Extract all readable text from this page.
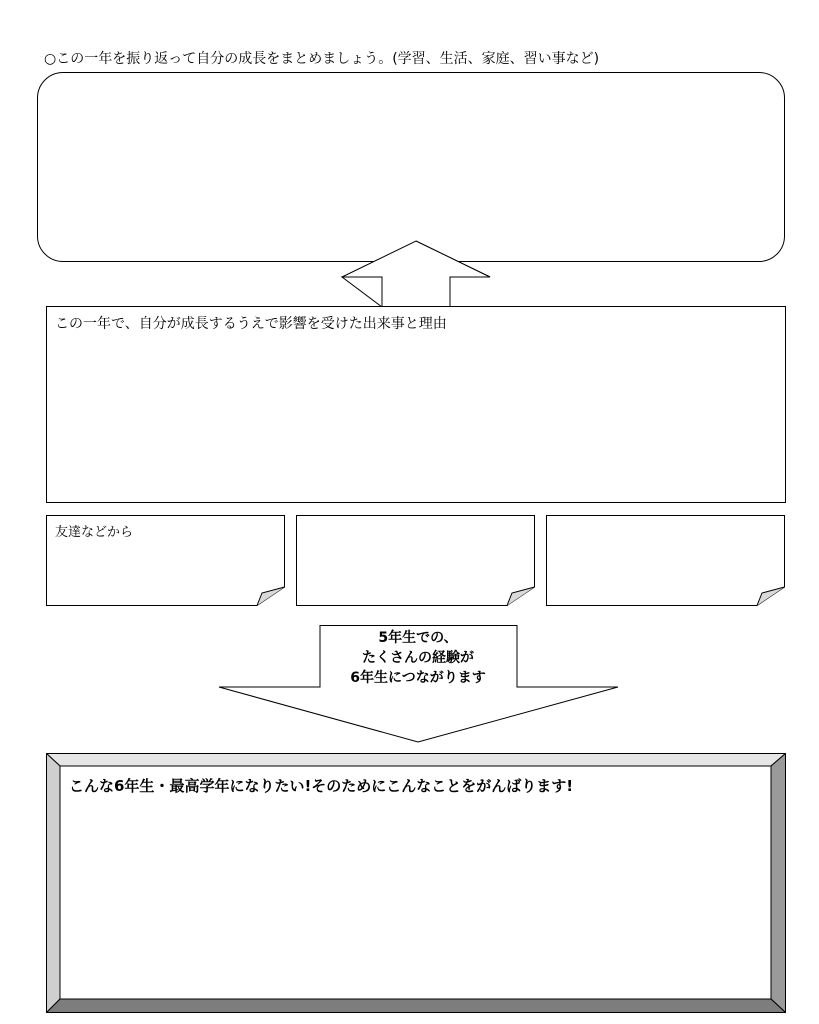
○この一年を振り返って自分の成長をまとめましょう。(学習、生活、家庭、習い事など)
この一年で、自分が成長するうえで影響を受けた出来事と理由
友達などから
5年生での、
たくさんの経験が
6年生につながります
こんな6年生・最高学年になりたい!そのためにこんなことをがんばります!
